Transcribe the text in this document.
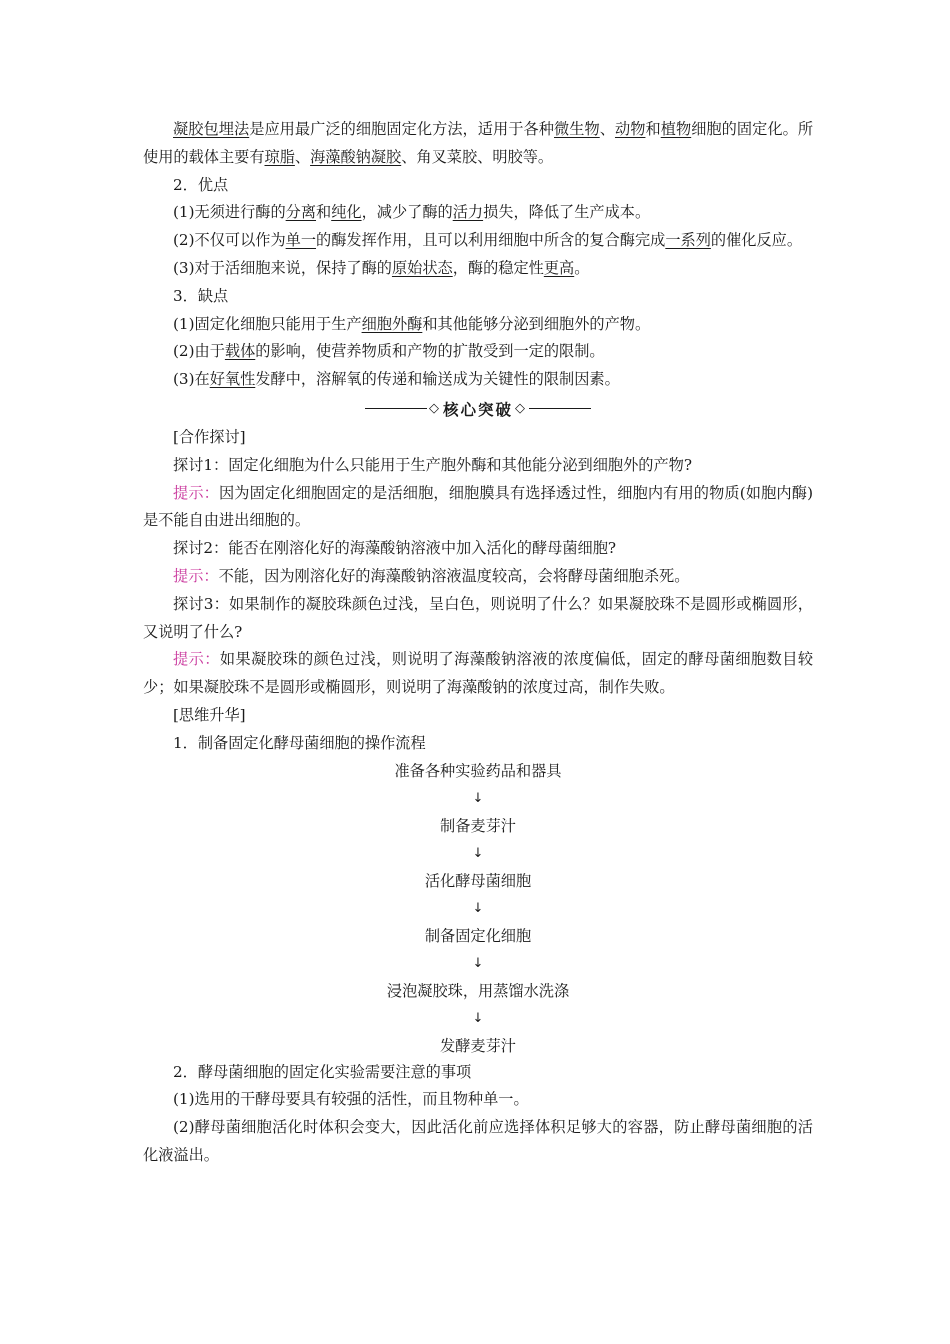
凝胶包埋法是应用最广泛的细胞固定化方法，适用于各种微生物、动物和植物细胞的固定化。所使用的载体主要有琼脂、海藻酸钠凝胶、角叉菜胶、明胶等。

2．优点

(1)无须进行酶的分离和纯化，减少了酶的活力损失，降低了生产成本。

(2)不仅可以作为单一的酶发挥作用，且可以利用细胞中所含的复合酶完成一系列的催化反应。

(3)对于活细胞来说，保持了酶的原始状态，酶的稳定性更高。

3．缺点

(1)固定化细胞只能用于生产细胞外酶和其他能够分泌到细胞外的产物。

(2)由于载体的影响，使营养物质和产物的扩散受到一定的限制。

(3)在好氧性发酵中，溶解氧的传递和输送成为关键性的限制因素。

◇ 核心突破 ◇

[合作探讨]

探讨1：固定化细胞为什么只能用于生产胞外酶和其他能分泌到细胞外的产物?

提示：因为固定化细胞固定的是活细胞，细胞膜具有选择透过性，细胞内有用的物质(如胞内酶)是不能自由进出细胞的。

探讨2：能否在刚溶化好的海藻酸钠溶液中加入活化的酵母菌细胞?

提示：不能，因为刚溶化好的海藻酸钠溶液温度较高，会将酵母菌细胞杀死。

探讨3：如果制作的凝胶珠颜色过浅，呈白色，则说明了什么？如果凝胶珠不是圆形或椭圆形，又说明了什么?

提示：如果凝胶珠的颜色过浅，则说明了海藻酸钠溶液的浓度偏低，固定的酵母菌细胞数目较少；如果凝胶珠不是圆形或椭圆形，则说明了海藻酸钠的浓度过高，制作失败。

[思维升华]

1．制备固定化酵母菌细胞的操作流程

准备各种实验药品和器具

↓

制备麦芽汁

↓

活化酵母菌细胞

↓

制备固定化细胞

↓

浸泡凝胶珠，用蒸馏水洗涤

↓

发酵麦芽汁

2．酵母菌细胞的固定化实验需要注意的事项

(1)选用的干酵母要具有较强的活性，而且物种单一。

(2)酵母菌细胞活化时体积会变大，因此活化前应选择体积足够大的容器，防止酵母菌细胞的活化液溢出。
